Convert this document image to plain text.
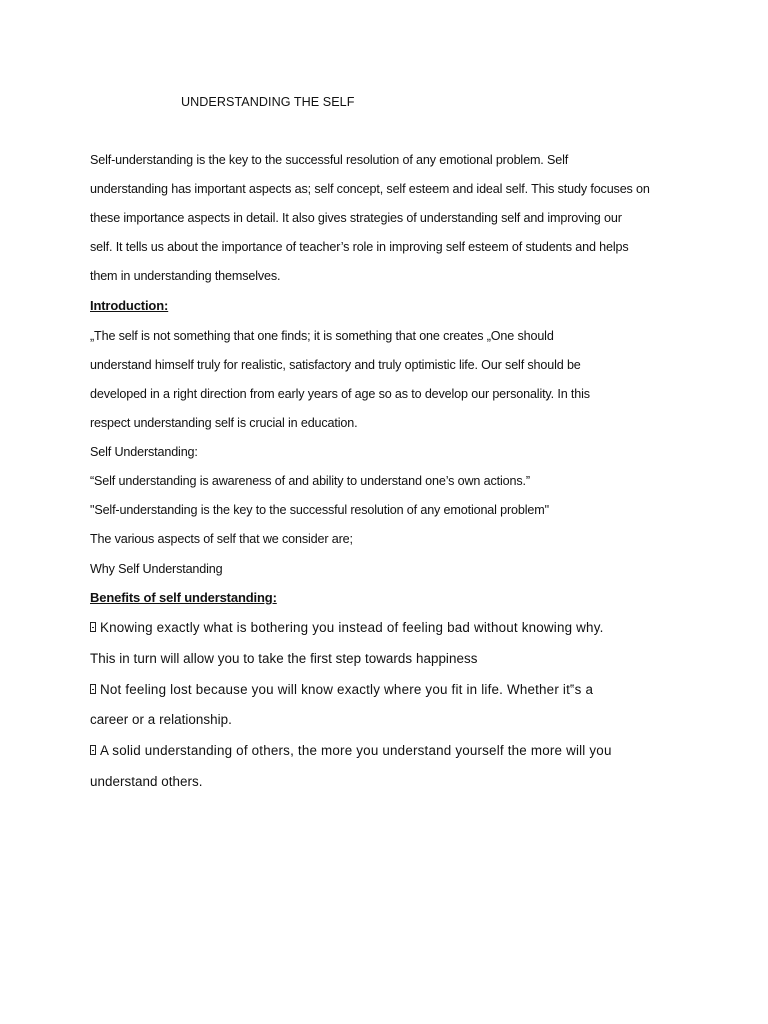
UNDERSTANDING THE SELF

Self-understanding is the key to the successful resolution of any emotional problem. Self

understanding has important aspects as; self concept, self esteem and ideal self. This study focuses on

these importance aspects in detail. It also gives strategies of understanding self and improving our

self. It tells us about the importance of teacher’s role in improving self esteem of students and helps

them in understanding themselves.

Introduction:

„The self is not something that one finds; it is something that one creates „One should

understand himself truly for realistic, satisfactory and truly optimistic life. Our self should be

developed in a right direction from early years of age so as to develop our personality. In this

respect understanding self is crucial in education.

Self Understanding:

“Self understanding is awareness of and ability to understand one’s own actions.”

"Self-understanding is the key to the successful resolution of any emotional problem"

The various aspects of self that we consider are;

Why Self Understanding

Benefits of self understanding:

Knowing exactly what is bothering you instead of feeling bad without knowing why.

This in turn will allow you to take the first step towards happiness

Not feeling lost because you will know exactly where you fit in life. Whether it‟s a

career or a relationship.

A solid understanding of others, the more you understand yourself the more will you

understand others.
